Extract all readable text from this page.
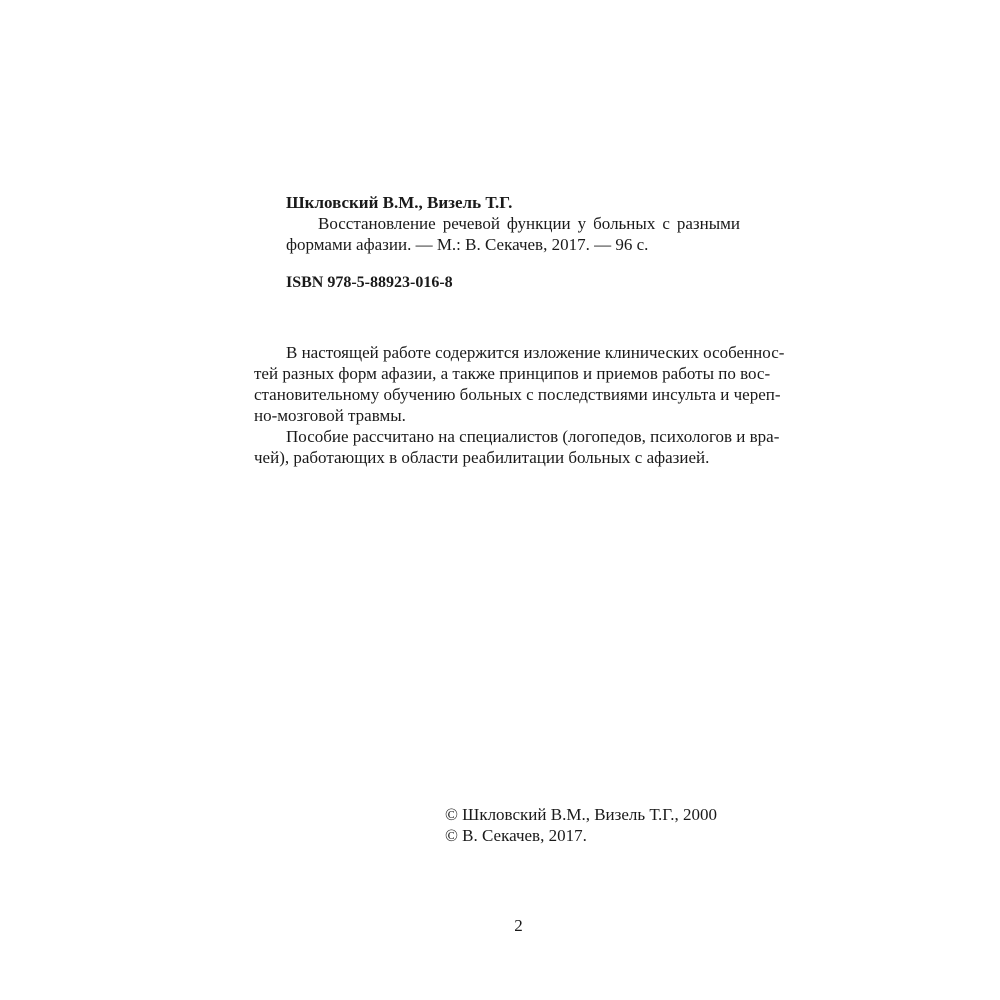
Шкловский В.М., Визель Т.Г.
Восстановление речевой функции у больных с разными
формами афазии. — М.: В. Секачев, 2017. — 96 с.
ISBN 978-5-88923-016-8
В настоящей работе содержится изложение клинических особеннос-
тей разных форм афазии, а также принципов и приемов работы по вос-
становительному обучению больных с последствиями инсульта и череп-
но-мозговой травмы.
Пособие рассчитано на специалистов (логопедов, психологов и вра-
чей), работающих в области реабилитации больных с афазией.
© Шкловский В.М., Визель Т.Г., 2000
© В. Секачев, 2017.
2
